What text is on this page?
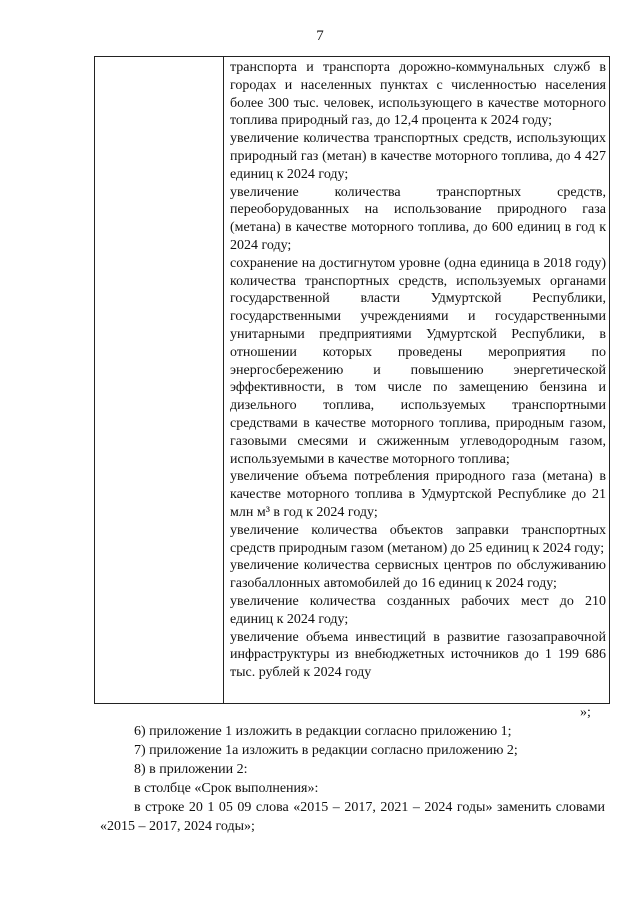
7

транспорта и транспорта дорожно-коммунальных служб в городах и населенных пунктах с численностью населения более 300 тыс. человек, использующего в качестве моторного топлива природный газ, до 12,4 процента к 2024 году;

увеличение количества транспортных средств, использующих природный газ (метан) в качестве моторного топлива, до 4 427 единиц к 2024 году;

увеличение количества транспортных средств, переоборудованных на использование природного газа (метана) в качестве моторного топлива, до 600 единиц в год к 2024 году;

сохранение на достигнутом уровне (одна единица в 2018 году) количества транспортных средств, используемых органами государственной власти Удмуртской Республики, государственными учреждениями и государственными унитарными предприятиями Удмуртской Республики, в отношении которых проведены мероприятия по энергосбережению и повышению энергетической эффективности, в том числе по замещению бензина и дизельного топлива, используемых транспортными средствами в качестве моторного топлива, природным газом, газовыми смесями и сжиженным углеводородным газом, используемыми в качестве моторного топлива;

увеличение объема потребления природного газа (метана) в качестве моторного топлива в Удмуртской Республике до 21 млн м³ в год к 2024 году;

увеличение количества объектов заправки транспортных средств природным газом (метаном) до 25 единиц к 2024 году;

увеличение количества сервисных центров по обслуживанию газобаллонных автомобилей до 16 единиц к 2024 году;

увеличение количества созданных рабочих мест до 210 единиц к 2024 году;

увеличение объема инвестиций в развитие газозаправочной инфраструктуры из внебюджетных источников до 1 199 686 тыс. рублей к 2024 году

»;

6) приложение 1 изложить в редакции согласно приложению 1;

7) приложение 1а изложить в редакции согласно приложению 2;

8) в приложении 2:

в столбце «Срок выполнения»:

в строке 20 1 05 09 слова «2015 – 2017, 2021 – 2024 годы» заменить словами «2015 – 2017, 2024 годы»;
